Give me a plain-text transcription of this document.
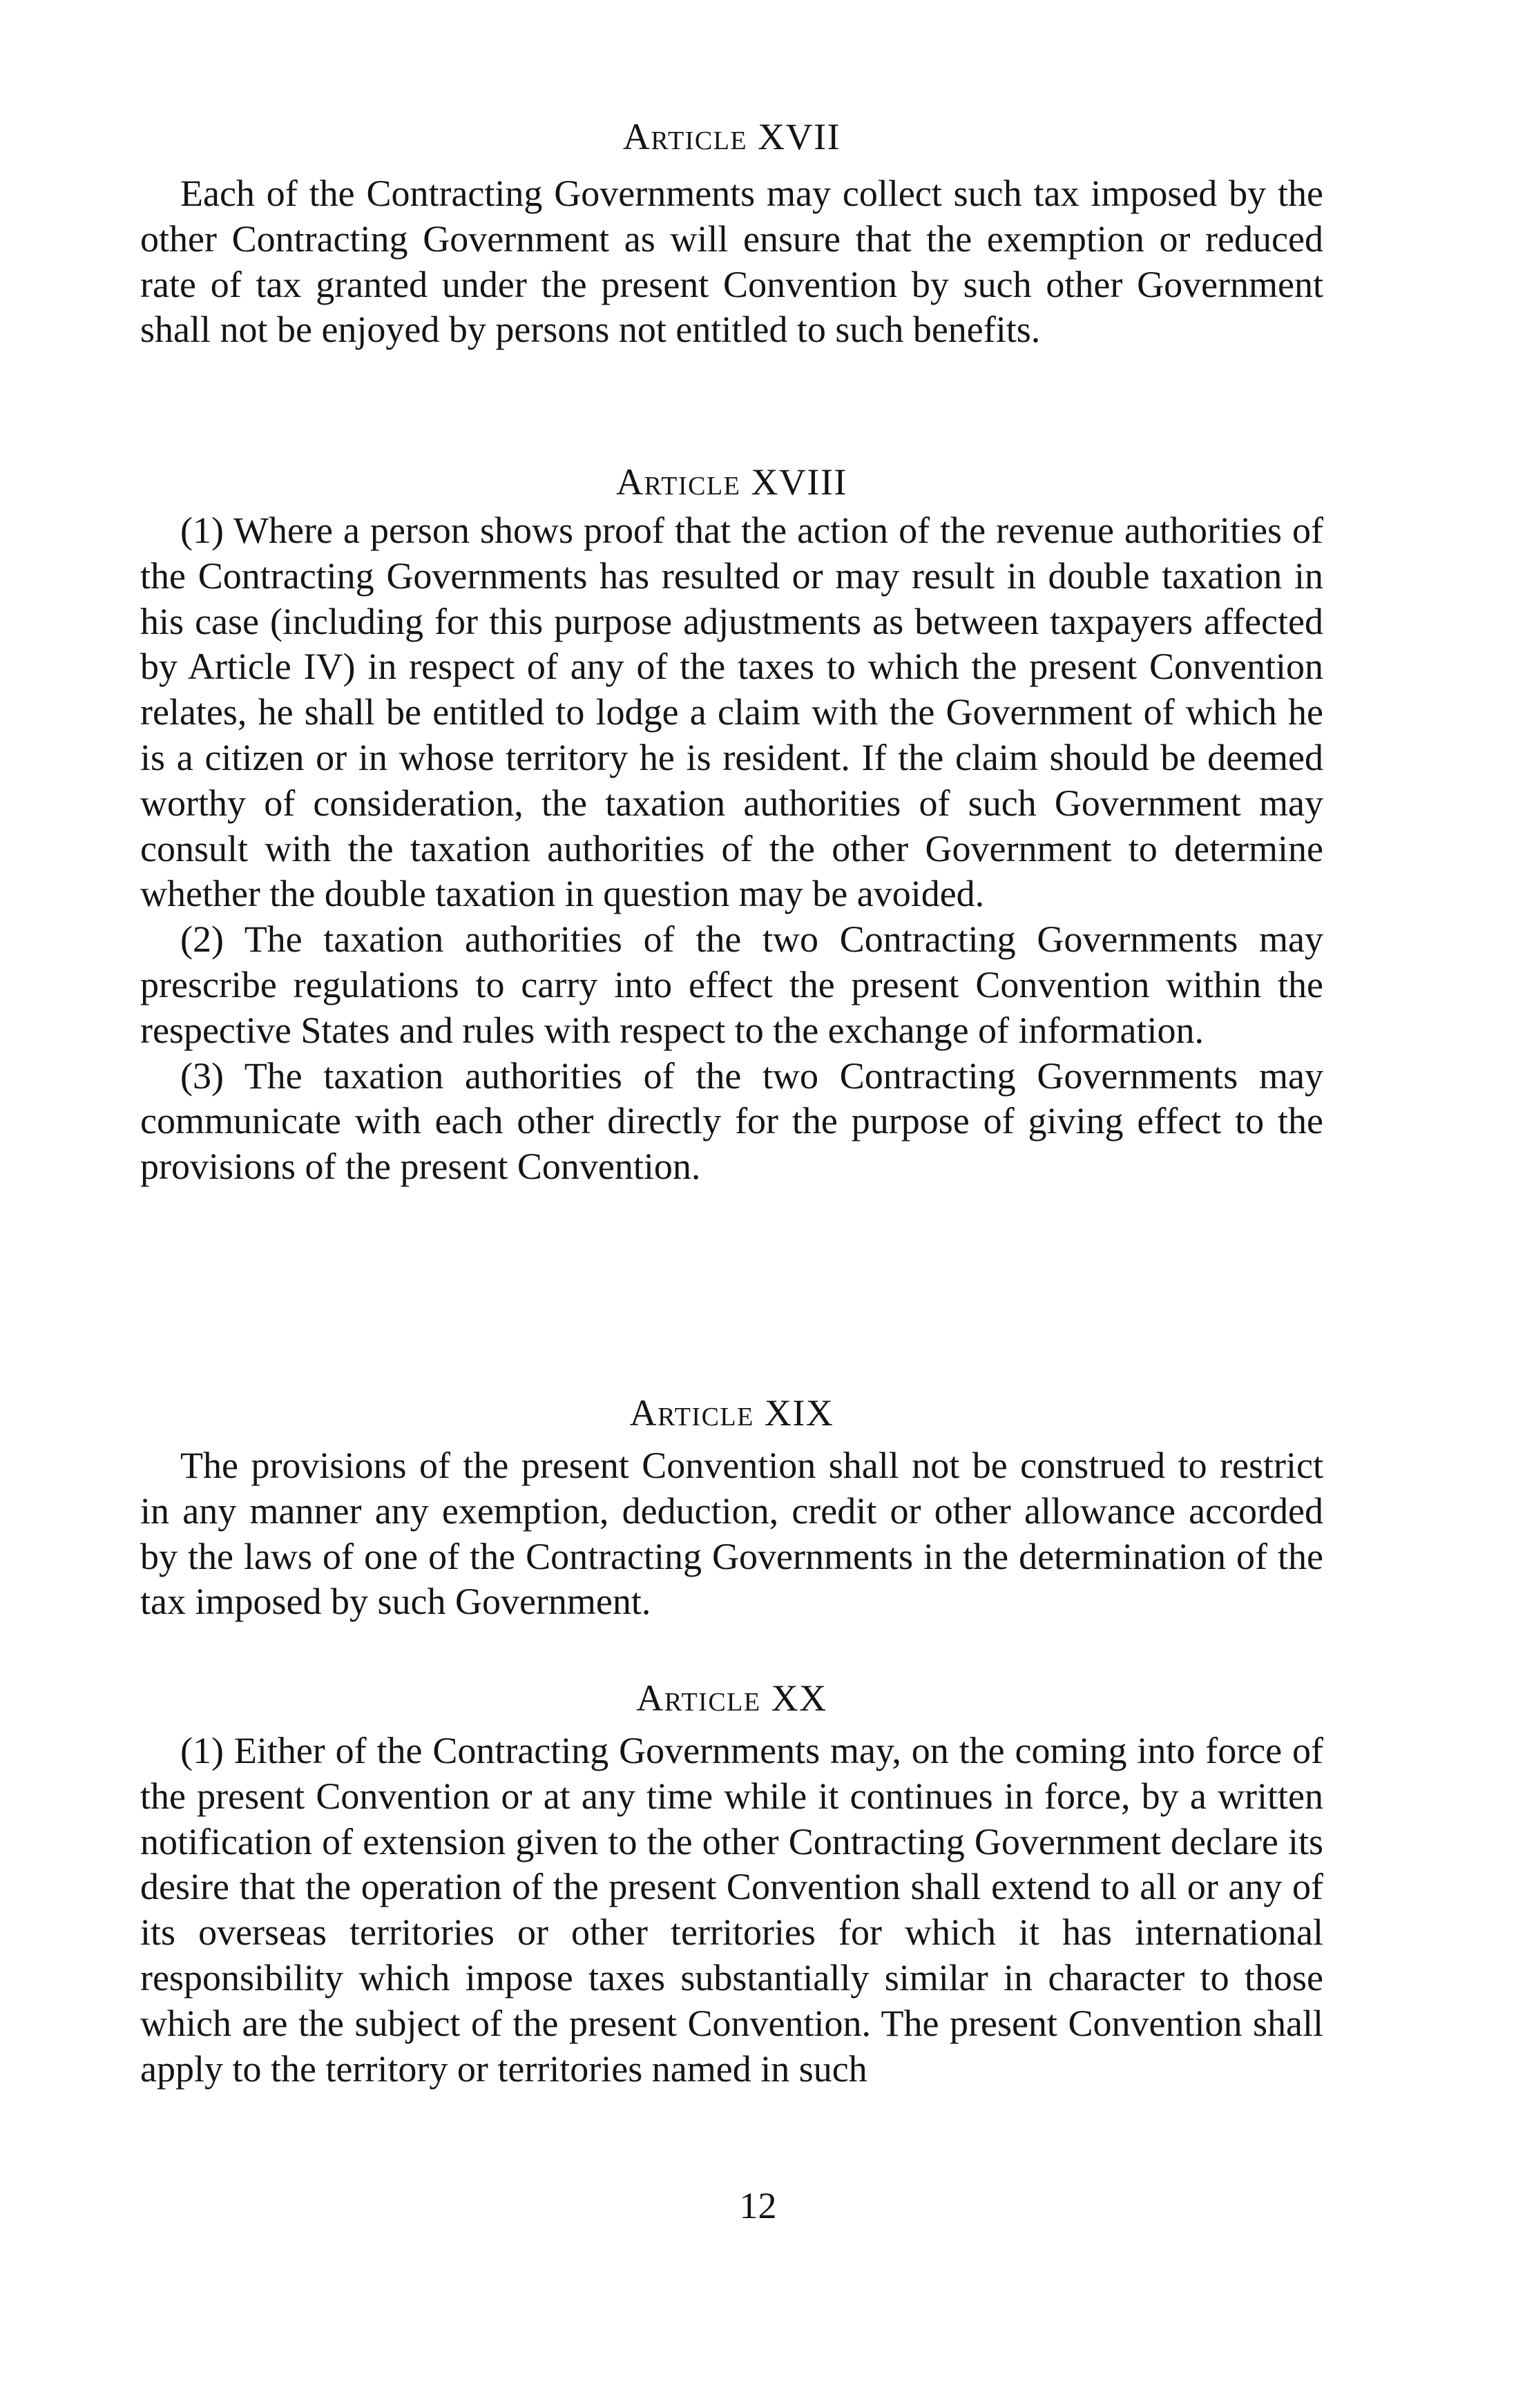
Article XVII

Each of the Contracting Governments may collect such tax imposed by the other Contracting Government as will ensure that the exemption or reduced rate of tax granted under the present Convention by such other Government shall not be enjoyed by persons not entitled to such benefits.

Article XVIII

(1) Where a person shows proof that the action of the revenue authorities of the Contracting Governments has resulted or may result in double taxation in his case (including for this purpose adjustments as between taxpayers affected by Article IV) in respect of any of the taxes to which the present Convention relates, he shall be entitled to lodge a claim with the Government of which he is a citizen or in whose territory he is resident. If the claim should be deemed worthy of consideration, the taxation authorities of such Government may consult with the taxation authorities of the other Government to determine whether the double taxation in question may be avoided.

(2) The taxation authorities of the two Contracting Governments may prescribe regulations to carry into effect the present Convention within the respective States and rules with respect to the exchange of information.

(3) The taxation authorities of the two Contracting Governments may communicate with each other directly for the purpose of giving effect to the provisions of the present Convention.

Article XIX

The provisions of the present Convention shall not be construed to restrict in any manner any exemption, deduction, credit or other allowance accorded by the laws of one of the Contracting Governments in the determination of the tax imposed by such Government.

Article XX

(1) Either of the Contracting Governments may, on the coming into force of the present Convention or at any time while it continues in force, by a written notification of extension given to the other Contracting Government declare its desire that the operation of the present Convention shall extend to all or any of its overseas territories or other territories for which it has international responsibility which impose taxes substantially similar in character to those which are the subject of the present Convention. The present Convention shall apply to the territory or territories named in such

12
